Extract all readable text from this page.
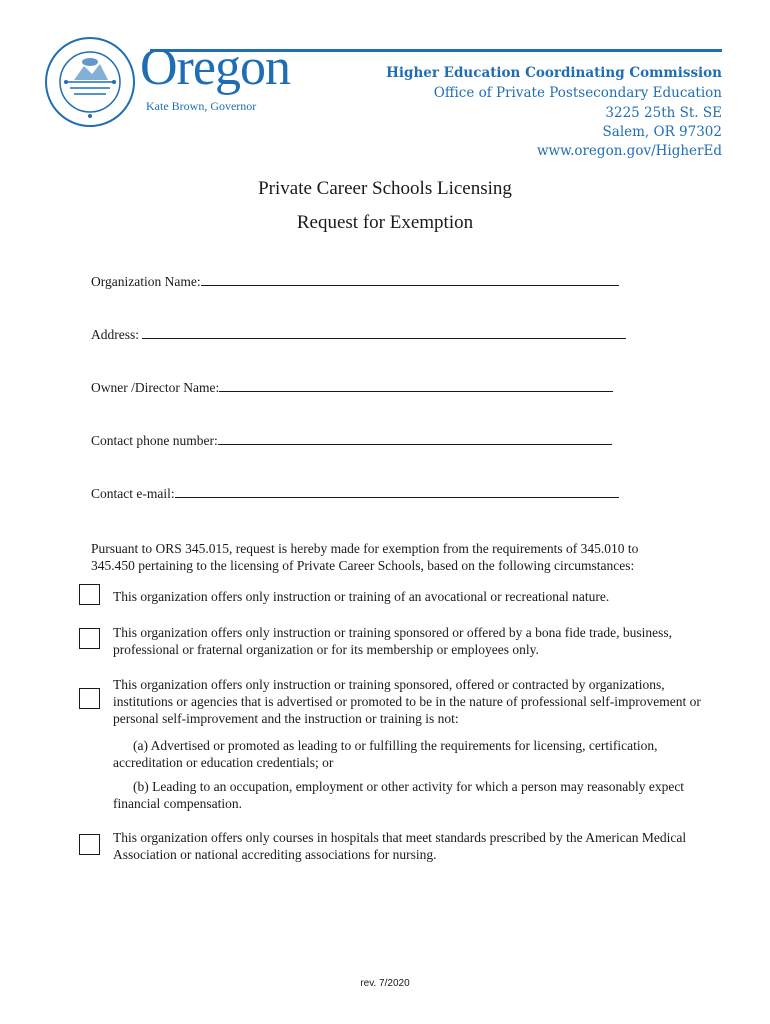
Oregon
Kate Brown, Governor
Higher Education Coordinating Commission
Office of Private Postsecondary Education
3225 25th St. SE
Salem, OR 97302
www.oregon.gov/HigherEd
Private Career Schools Licensing
Request for Exemption
Organization Name:
Address:
Owner /Director Name:
Contact phone number:
Contact e-mail:
Pursuant to ORS 345.015, request is hereby made for exemption from the requirements of 345.010 to 345.450 pertaining to the licensing of Private Career Schools, based on the following circumstances:
This organization offers only instruction or training of an avocational or recreational nature.
This organization offers only instruction or training sponsored or offered by a bona fide trade, business, professional or fraternal organization or for its membership or employees only.
This organization offers only instruction or training sponsored, offered or contracted by organizations, institutions or agencies that is advertised or promoted to be in the nature of professional self-improvement or personal self-improvement and the instruction or training is not:
(a) Advertised or promoted as leading to or fulfilling the requirements for licensing, certification, accreditation or education credentials; or
(b) Leading to an occupation, employment or other activity for which a person may reasonably expect financial compensation.
This organization offers only courses in hospitals that meet standards prescribed by the American Medical Association or national accrediting associations for nursing.
rev. 7/2020
